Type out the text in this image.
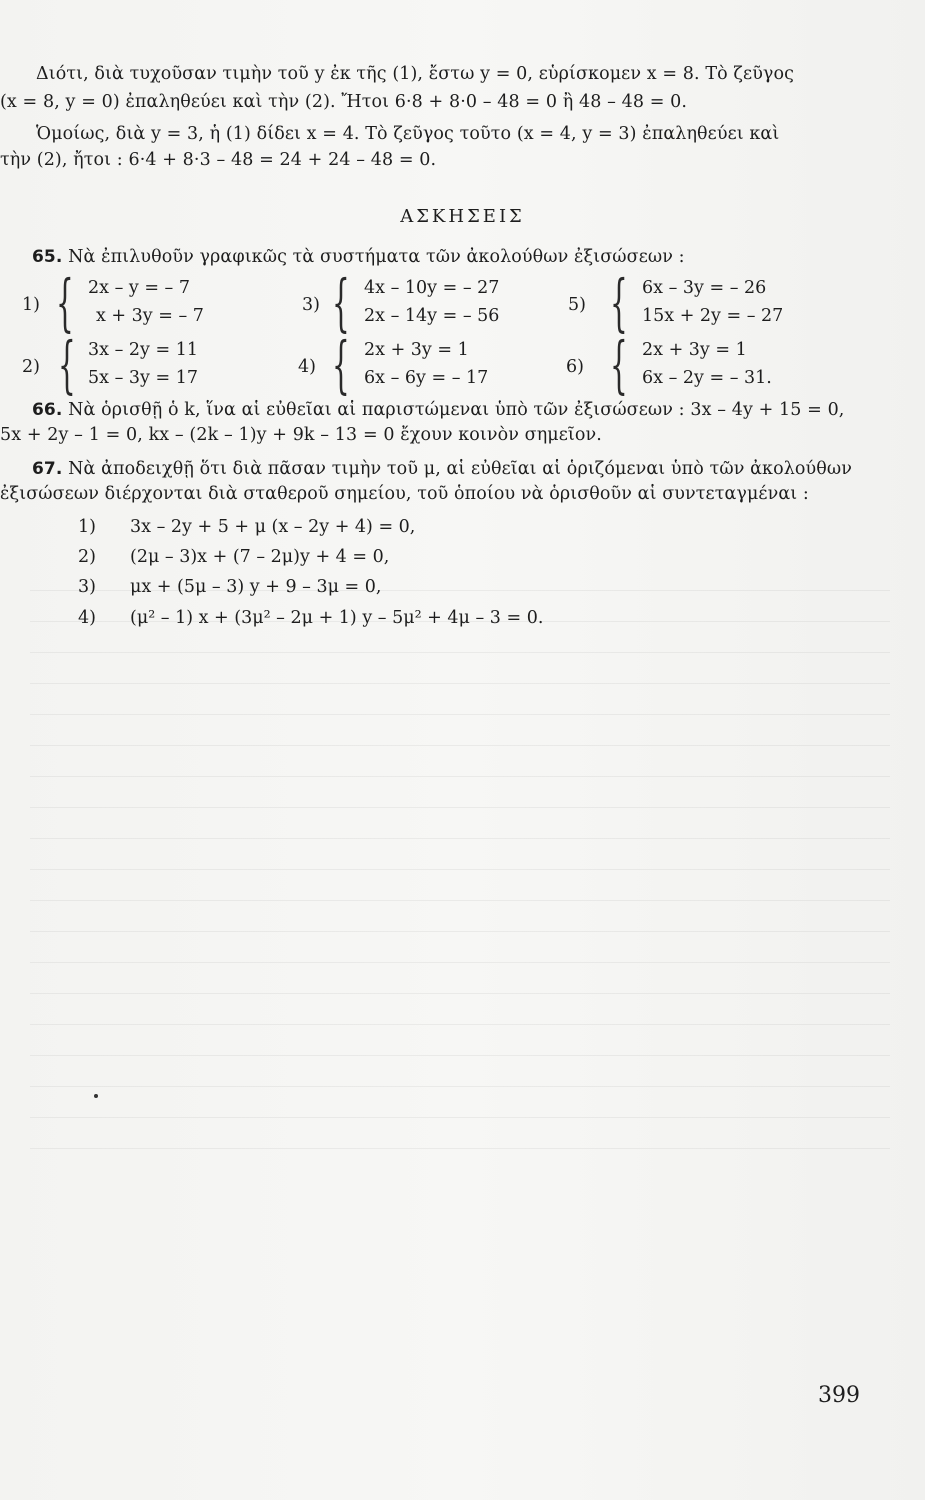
Διότι, διὰ τυχοῦσαν τιμὴν τοῦ y ἐκ τῆς (1), ἔστω y = 0, εὑρίσκομεν x = 8. Τὸ ζεῦγος
(x = 8, y = 0) ἐπαληθεύει καὶ τὴν (2). Ἤτοι 6·8 + 8·0 – 48 = 0 ἢ 48 – 48 = 0.
Ὁμοίως, διὰ y = 3, ἡ (1) δίδει x = 4. Τὸ ζεῦγος τοῦτο (x = 4, y = 3) ἐπαληθεύει καὶ
τὴν (2), ἤτοι : 6·4 + 8·3 – 48 = 24 + 24 – 48 = 0.
ΑΣΚΗΣΕΙΣ
65. Νὰ ἐπιλυθοῦν γραφικῶς τὰ συστήματα τῶν ἀκολούθων ἐξισώσεων :
1) { 2x – y = – 7
x + 3y = – 7
3) { 4x – 10y = – 27
2x – 14y = – 56
5) { 6x – 3y = – 26
15x + 2y = – 27
2) { 3x – 2y = 11
5x – 3y = 17
4) { 2x + 3y = 1
6x – 6y = – 17
6) { 2x + 3y = 1
6x – 2y = – 31.
66. Νὰ ὁρισθῇ ὁ k, ἵνα αἱ εὐθεῖαι αἱ παριστώμεναι ὑπὸ τῶν ἐξισώσεων : 3x – 4y + 15 = 0,
5x + 2y – 1 = 0, kx – (2k – 1)y + 9k – 13 = 0 ἔχουν κοινὸν σημεῖον.
67. Νὰ ἀποδειχθῇ ὅτι διὰ πᾶσαν τιμὴν τοῦ μ, αἱ εὐθεῖαι αἱ ὁριζόμεναι ὑπὸ τῶν ἀκολούθων
ἐξισώσεων διέρχονται διὰ σταθεροῦ σημείου, τοῦ ὁποίου νὰ ὁρισθοῦν αἱ συντεταγμέναι :
1) 3x – 2y + 5 + μ (x – 2y + 4) = 0,
2) (2μ – 3)x + (7 – 2μ)y + 4 = 0,
3) μx + (5μ – 3) y + 9 – 3μ = 0,
4) (μ² – 1) x + (3μ² – 2μ + 1) y – 5μ² + 4μ – 3 = 0.
399
